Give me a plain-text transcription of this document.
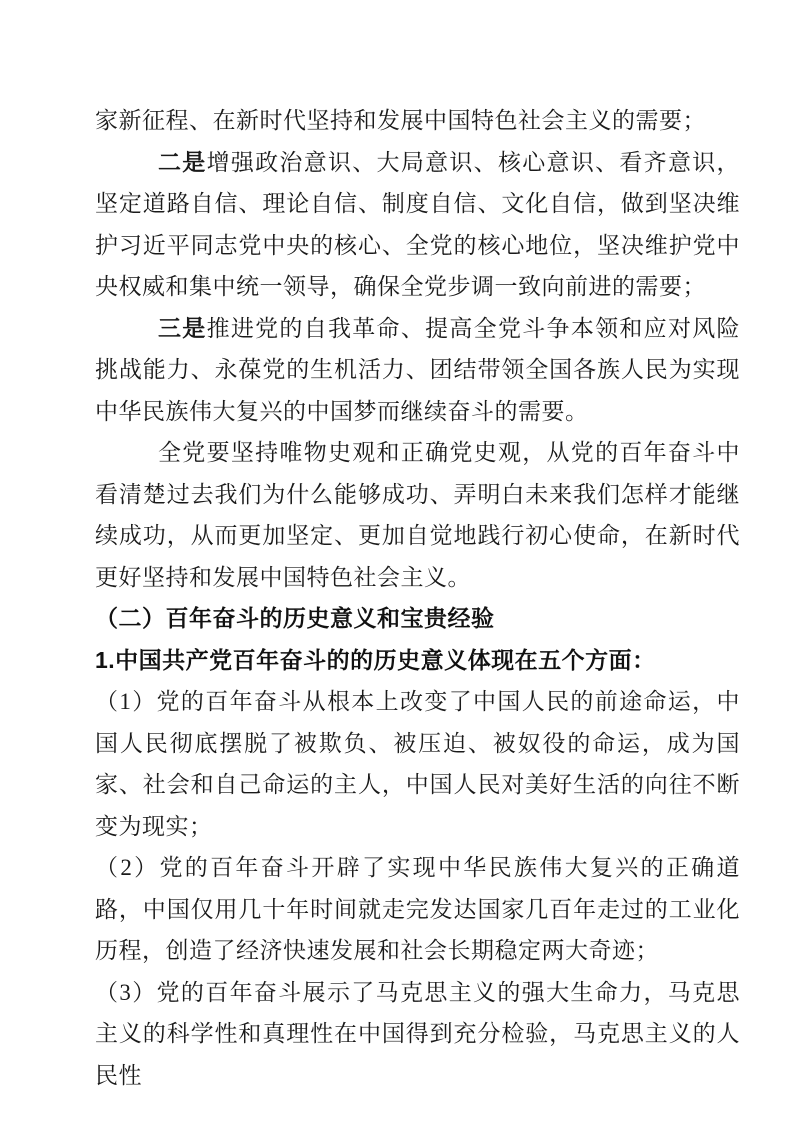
家新征程、在新时代坚持和发展中国特色社会主义的需要；

二是增强政治意识、大局意识、核心意识、看齐意识，坚定道路自信、理论自信、制度自信、文化自信，做到坚决维护习近平同志党中央的核心、全党的核心地位，坚决维护党中央权威和集中统一领导，确保全党步调一致向前进的需要；

三是推进党的自我革命、提高全党斗争本领和应对风险挑战能力、永葆党的生机活力、团结带领全国各族人民为实现中华民族伟大复兴的中国梦而继续奋斗的需要。

全党要坚持唯物史观和正确党史观，从党的百年奋斗中看清楚过去我们为什么能够成功、弄明白未来我们怎样才能继续成功，从而更加坚定、更加自觉地践行初心使命，在新时代更好坚持和发展中国特色社会主义。

（二）百年奋斗的历史意义和宝贵经验

1.中国共产党百年奋斗的的历史意义体现在五个方面：

（1）党的百年奋斗从根本上改变了中国人民的前途命运，中国人民彻底摆脱了被欺负、被压迫、被奴役的命运，成为国家、社会和自己命运的主人，中国人民对美好生活的向往不断变为现实；

（2）党的百年奋斗开辟了实现中华民族伟大复兴的正确道路，中国仅用几十年时间就走完发达国家几百年走过的工业化历程，创造了经济快速发展和社会长期稳定两大奇迹；

（3）党的百年奋斗展示了马克思主义的强大生命力，马克思主义的科学性和真理性在中国得到充分检验，马克思主义的人民性
